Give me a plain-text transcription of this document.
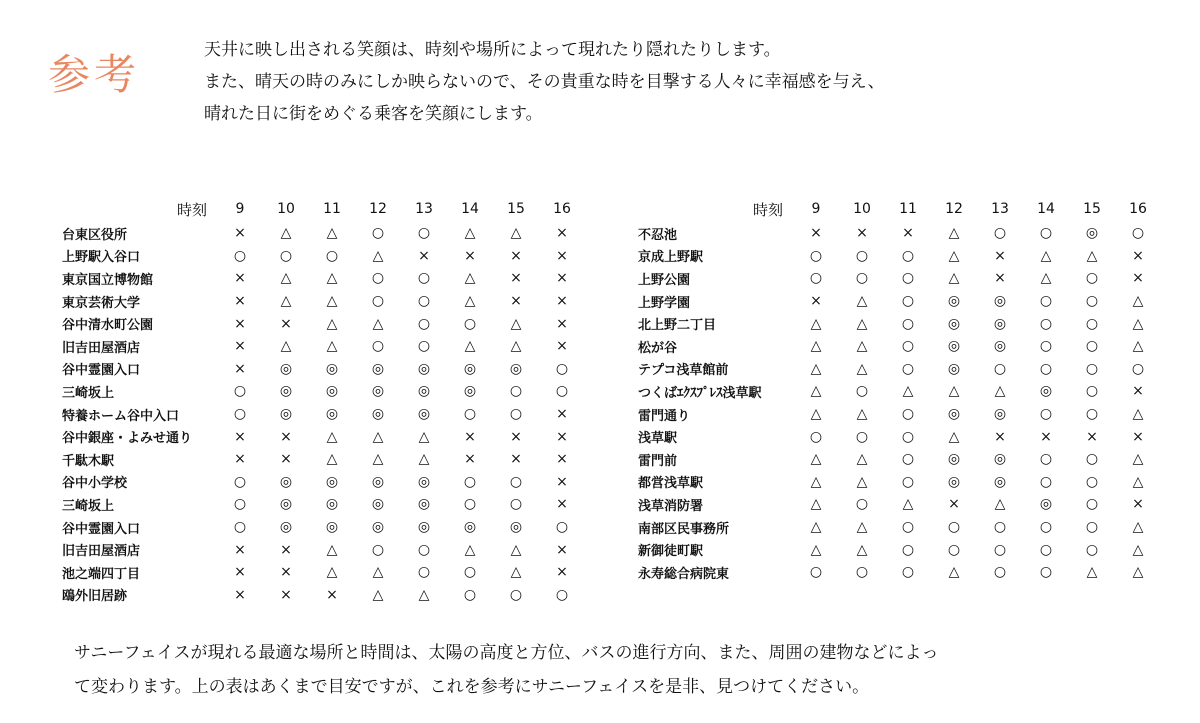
参考	天井に映し出される笑顔は、時刻や場所によって現れたり隠れたりします。
また、晴天の時のみにしか映らないので、その貴重な時を目撃する人々に幸福感を与え、
晴れた日に街をめぐる乗客を笑顔にします。
時刻	9	10	11	12	13	14	15	16
台東区役所	×	△	△	○	○	△	△	×
上野駅入谷口	○	○	○	△	×	×	×	×
東京国立博物館	×	△	△	○	○	△	×	×
東京芸術大学	×	△	△	○	○	△	×	×
谷中清水町公園	×	×	△	△	○	○	△	×
旧吉田屋酒店	×	△	△	○	○	△	△	×
谷中霊園入口	×	◎	◎	◎	◎	◎	◎	○
三崎坂上	○	◎	◎	◎	◎	◎	○	○
特養ホーム谷中入口	○	◎	◎	◎	◎	○	○	×
谷中銀座・よみせ通り	×	×	△	△	△	×	×	×
千駄木駅	×	×	△	△	△	×	×	×
谷中小学校	○	◎	◎	◎	◎	○	○	×
三崎坂上	○	◎	◎	◎	◎	○	○	×
谷中霊園入口	○	◎	◎	◎	◎	◎	◎	○
旧吉田屋酒店	×	×	△	○	○	△	△	×
池之端四丁目	×	×	△	△	○	○	△	×
鴎外旧居跡	×	×	×	△	△	○	○	○
時刻	9	10	11	12	13	14	15	16
不忍池	×	×	×	△	○	○	◎	○
京成上野駅	○	○	○	△	×	△	△	×
上野公園	○	○	○	△	×	△	○	×
上野学園	×	△	○	◎	◎	○	○	△
北上野二丁目	△	△	○	◎	◎	○	○	△
松が谷	△	△	○	◎	◎	○	○	△
テプコ浅草館前	△	△	○	◎	○	○	○	○
つくばｴｸｽﾌﾟﾚｽ浅草駅	△	○	△	△	△	◎	○	×
雷門通り	△	△	○	◎	◎	○	○	△
浅草駅	○	○	○	△	×	×	×	×
雷門前	△	△	○	◎	◎	○	○	△
都営浅草駅	△	△	○	◎	◎	○	○	△
浅草消防署	△	○	△	×	△	◎	○	×
南部区民事務所	△	△	○	○	○	○	○	△
新御徒町駅	△	△	○	○	○	○	○	△
永寿総合病院東	○	○	○	△	○	○	△	△
サニーフェイスが現れる最適な場所と時間は、太陽の高度と方位、バスの進行方向、また、周囲の建物などによっ
て変わります。上の表はあくまで目安ですが、これを参考にサニーフェイスを是非、見つけてください。
